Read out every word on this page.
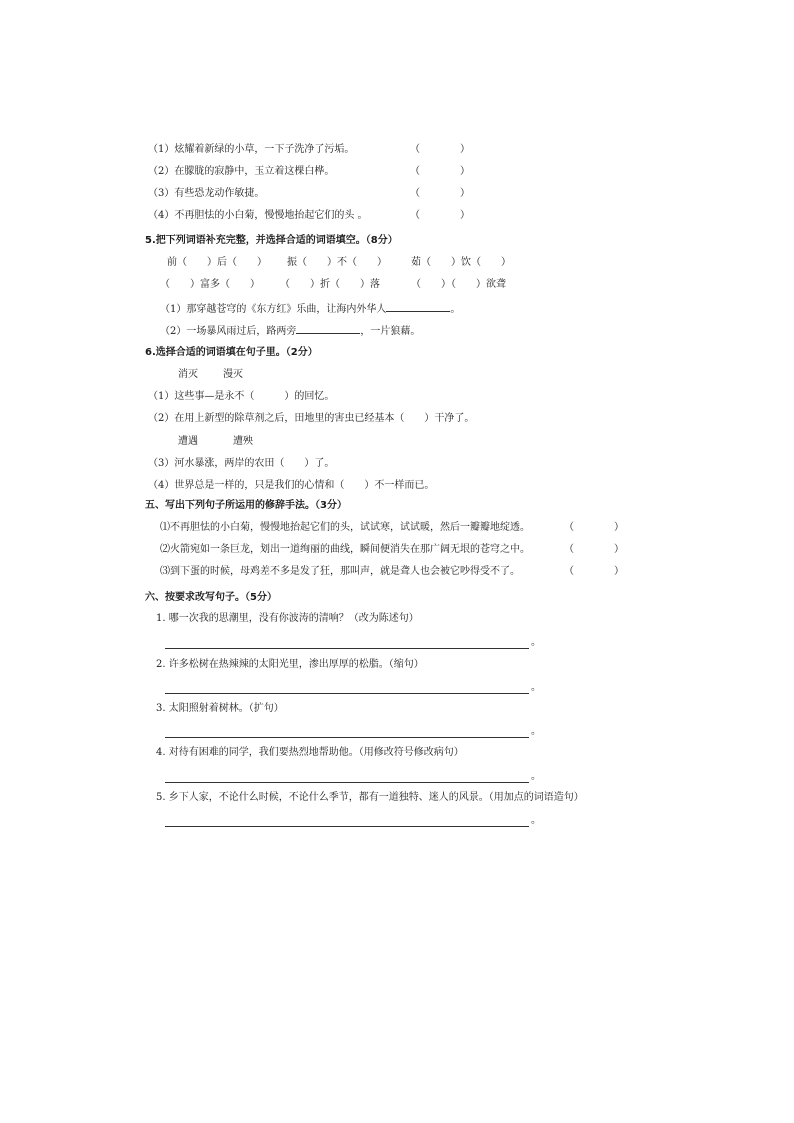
（1）炫耀着新绿的小草，一下子洗净了污垢。	（　　　　）
（2）在朦胧的寂静中，玉立着这棵白桦。	（　　　　）
（3）有些恐龙动作敏捷。	（　　　　）
（4）不再胆怯的小白菊，慢慢地抬起它们的头 。	（　　　　）
5.把下列词语补充完整，并选择合适的词语填空。（8分）
前（　　）后（　　） 振（　　）不（　　） 茹（　　）饮（　　）
（　　）富多（　　） （　　）折（　　）落	（　　）（　　）欲聋
（1）那穿越苍穹的《东方红》乐曲，让海内外华人	。
（2）一场暴风雨过后，路两旁	，一片狼藉。
6.选择合适的词语填在句子里。（2分）
消灭	漫灭
（1）这些事—是永不（　　　）的回忆。
（2）在用上新型的除草剂之后，田地里的害虫已经基本（　　）干净了。
遭遇	遭殃
（3）河水暴涨，两岸的农田（　　）了。
（4）世界总是一样的，只是我们的心情和（　　）不一样而已。
五、写出下列句子所运用的修辞手法。（3分）
⑴不再胆怯的小白菊，慢慢地抬起它们的头，试试寒，试试暖，然后一瓣瓣地绽透。	（　　　　）
⑵火箭宛如一条巨龙，划出一道绚丽的曲线，瞬间便消失在那广阔无垠的苍穹之中。	（　　　　）
⑶到下蛋的时候，母鸡差不多是发了狂，那叫声，就是聋人也会被它吵得受不了。	（　　　　）
六、按要求改写句子。（5分）
1. 哪一次我的思潮里，没有你波涛的清响？（改为陈述句）
。
2. 许多松树在热辣辣的太阳光里，渗出厚厚的松脂。（缩句）
。
3. 太阳照射着树林。（扩句）
。
4. 对待有困难的同学，我们要热烈地帮助他。（用修改符号修改病句）
。
5. 乡下人家，不论什么时候，不论什么季节，都有一道独特、迷人的风景。（用加点的词语造句）
。
